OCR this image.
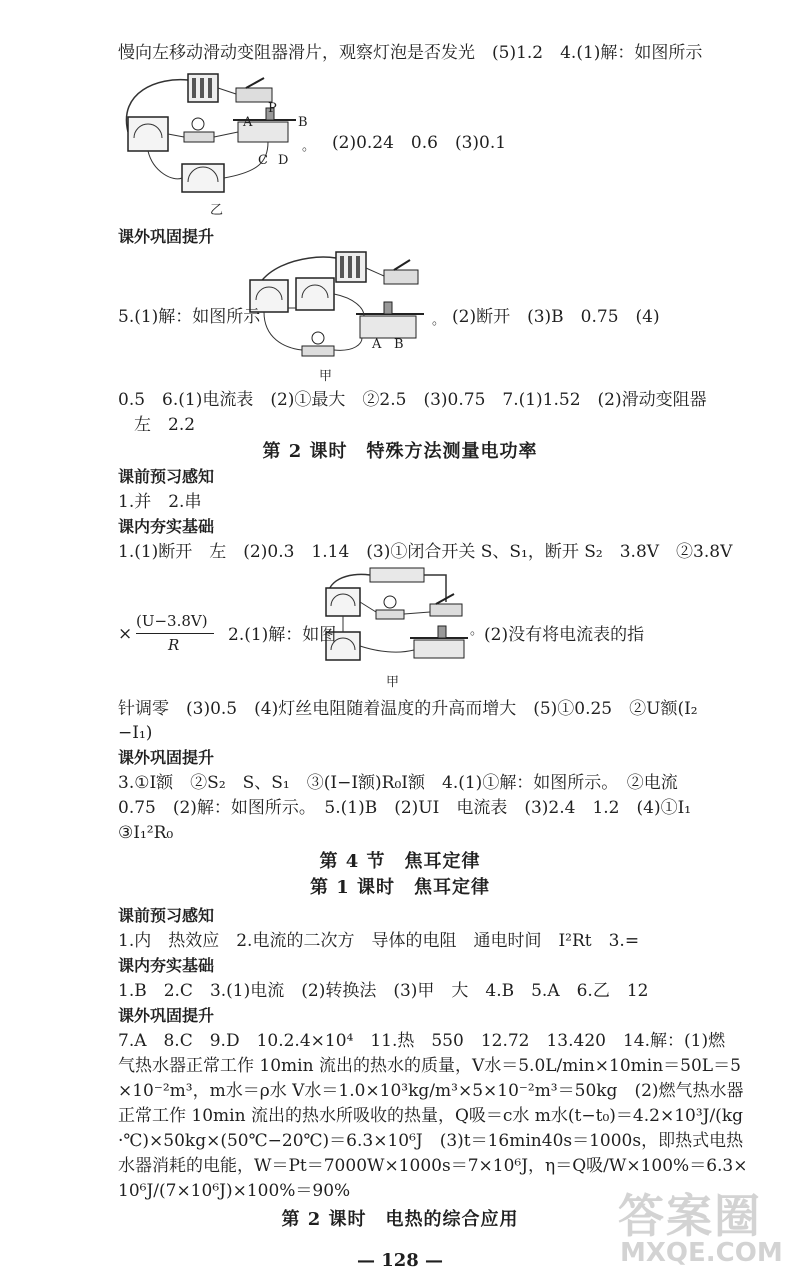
慢向左移动滑动变阻器滑片，观察灯泡是否发光　(5)1.2　4.(1)解：如图所示
A
P
B
C D
。
乙
(2)0.24　0.6　(3)0.1
课外巩固提升
A B
。
甲
5.(1)解：如图所示	(2)断开　(3)B　0.75　(4)
0.5　6.(1)电流表　(2)①最大　②2.5　(3)0.75　7.(1)1.52　(2)滑动变阻器
左　2.2
第 2 课时　特殊方法测量电功率
课前预习感知
1.并　2.串
课内夯实基础
1.(1)断开　左　(2)0.3　1.14　(3)①闭合开关 S、S₁，断开 S₂　3.8V　②3.8V
。
甲
×
(U−3.8V)
R	2.(1)解：如图	(2)没有将电流表的指
针调零　(3)0.5　(4)灯丝电阻随着温度的升高而增大　(5)①0.25　②U额(I₂
−I₁)
课外巩固提升
3.①I额　②S₂　S、S₁　③(I−I额)R₀I额　4.(1)①解：如图所示。　②电流
0.75　(2)解：如图所示。　5.(1)B　(2)UI　电流表　(3)2.4　1.2　(4)①I₁
③I₁²R₀
第 4 节　焦耳定律
第 1 课时　焦耳定律
课前预习感知
1.内　热效应　2.电流的二次方　导体的电阻　通电时间　I²Rt　3.=
课内夯实基础
1.B　2.C　3.(1)电流　(2)转换法　(3)甲　大　4.B　5.A　6.乙　12
课外巩固提升
7.A　8.C　9.D　10.2.4×10⁴　11.热　550　12.72　13.420　14.解：(1)燃
气热水器正常工作 10min 流出的热水的质量，V水＝5.0L/min×10min＝50L＝5
×10⁻²m³，m水＝ρ水 V水＝1.0×10³kg/m³×5×10⁻²m³＝50kg　(2)燃气热水器
正常工作 10min 流出的热水所吸收的热量，Q吸＝c水 m水(t−t₀)＝4.2×10³J/(kg
·℃)×50kg×(50℃−20℃)＝6.3×10⁶J　(3)t＝16min40s＝1000s，即热式电热
水器消耗的电能，W＝Pt＝7000W×1000s＝7×10⁶J，η＝Q吸/W×100%＝6.3×
10⁶J/(7×10⁶J)×100%＝90%
第 2 课时　电热的综合应用
— 128 —
答案圈
MXQE.COM
